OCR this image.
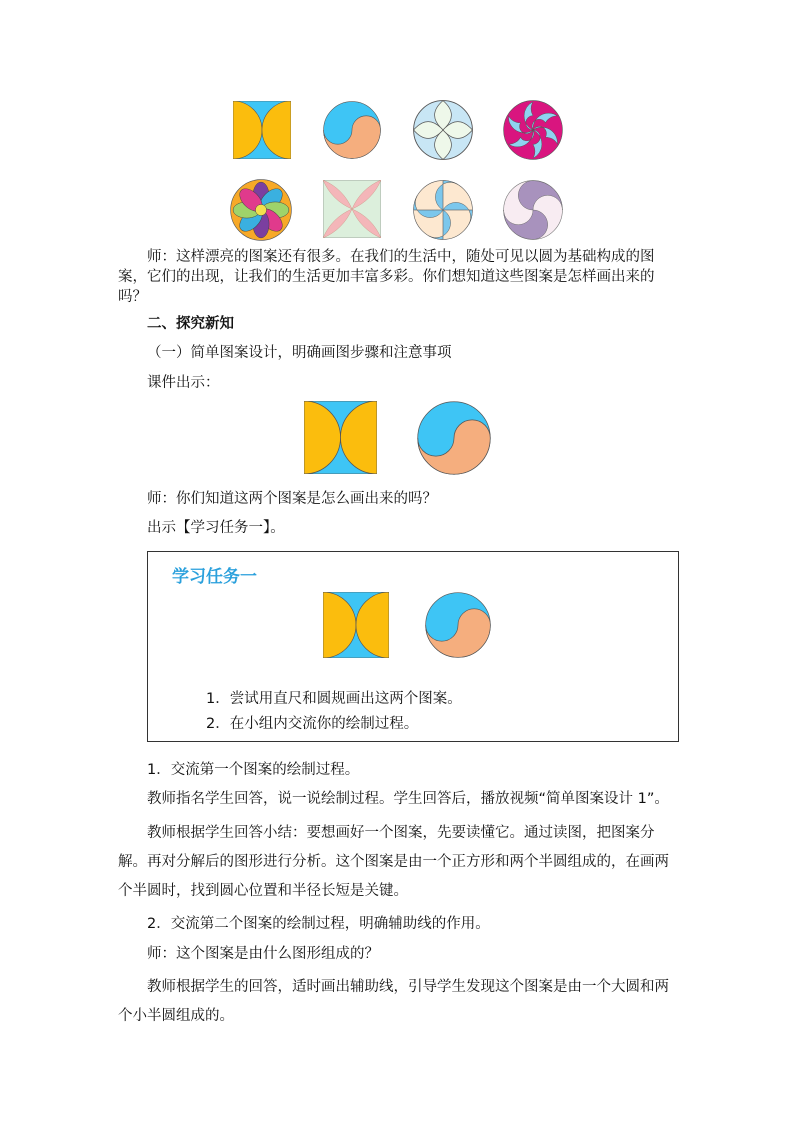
师：这样漂亮的图案还有很多。在我们的生活中，随处可见以圆为基础构成的图案，它们的出现，让我们的生活更加丰富多彩。你们想知道这些图案是怎样画出来的吗？

二、探究新知

（一）简单图案设计，明确画图步骤和注意事项

课件出示：

师：你们知道这两个图案是怎么画出来的吗？

出示【学习任务一】。

学习任务一
1．尝试用直尺和圆规画出这两个图案。
2．在小组内交流你的绘制过程。

1．交流第一个图案的绘制过程。

教师指名学生回答，说一说绘制过程。学生回答后，播放视频“简单图案设计 1”。

教师根据学生回答小结：要想画好一个图案，先要读懂它。通过读图，把图案分解。再对分解后的图形进行分析。这个图案是由一个正方形和两个半圆组成的，在画两个半圆时，找到圆心位置和半径长短是关键。

2．交流第二个图案的绘制过程，明确辅助线的作用。

师：这个图案是由什么图形组成的？

教师根据学生的回答，适时画出辅助线，引导学生发现这个图案是由一个大圆和两个小半圆组成的。
